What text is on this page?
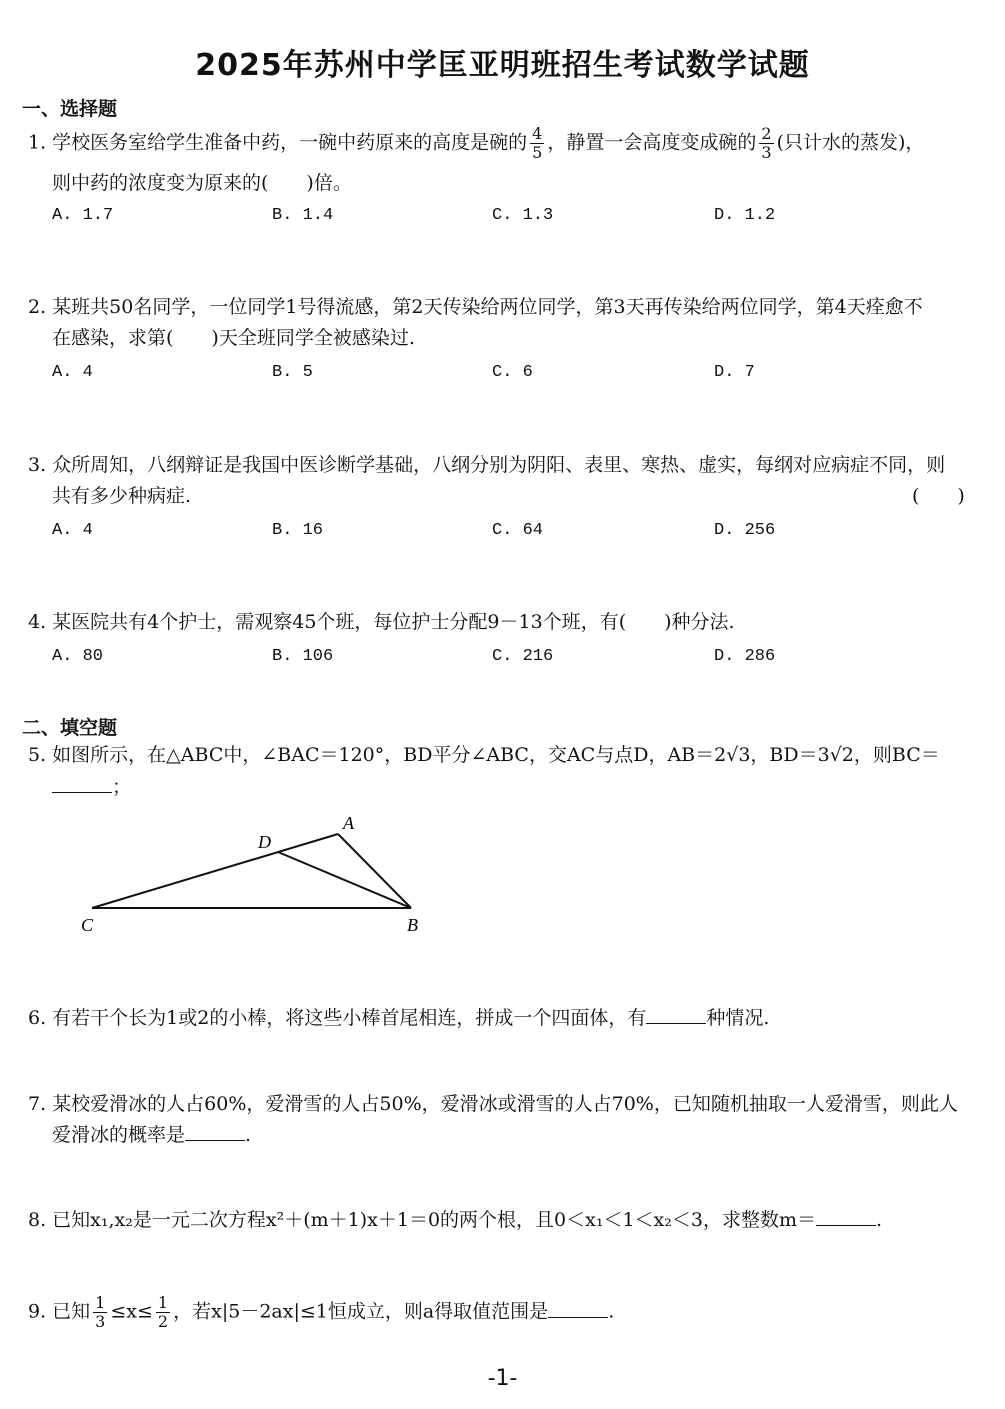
2025年苏州中学匡亚明班招生考试数学试题
一、选择题
1. 学校医务室给学生准备中药，一碗中药原来的高度是碗的 $\frac{4}{5}$ ，静置一会高度变成碗的 $\frac{2}{3}$ (只计水的蒸发)，
则中药的浓度变为原来的(　　)倍。
A. 1.7	B. 1.4	C. 1.3	D. 1.2
2. 某班共50名同学，一位同学1号得流感，第2天传染给两位同学，第3天再传染给两位同学，第4天痊愈不
在感染，求第(　　)天全班同学全被感染过.
A. 4	B. 5	C. 6	D. 7
3. 众所周知，八纲辩证是我国中医诊断学基础，八纲分别为阴阳、表里、寒热、虚实，每纲对应病症不同，则
共有多少种病症.	(　　)
A. 4	B. 16	C. 64	D. 256
4. 某医院共有4个护士，需观察45个班，每位护士分配9－13个班，有(　　)种分法.
A. 80	B. 106	C. 216	D. 286
二、填空题
5. 如图所示，在△ABC中，∠BAC＝120°，BD平分∠ABC，交AC与点D，AB＝2√3，BD＝3√2，则BC＝
；
A
B
C
D
6. 有若干个长为1或2的小棒，将这些小棒首尾相连，拼成一个四面体，有	种情况.
7. 某校爱滑冰的人占60%，爱滑雪的人占50%，爱滑冰或滑雪的人占70%，已知随机抽取一人爱滑雪，则此人
爱滑冰的概率是	.
8. 已知x₁,x₂是一元二次方程x²＋(m＋1)x＋1＝0的两个根，且0＜x₁＜1＜x₂＜3，求整数m＝	.
9. 已知 $\frac{1}{3} \le x\le \frac{1}{2}$ ，若x|5－2ax|≤1恒成立，则a得取值范围是	.
-1-
